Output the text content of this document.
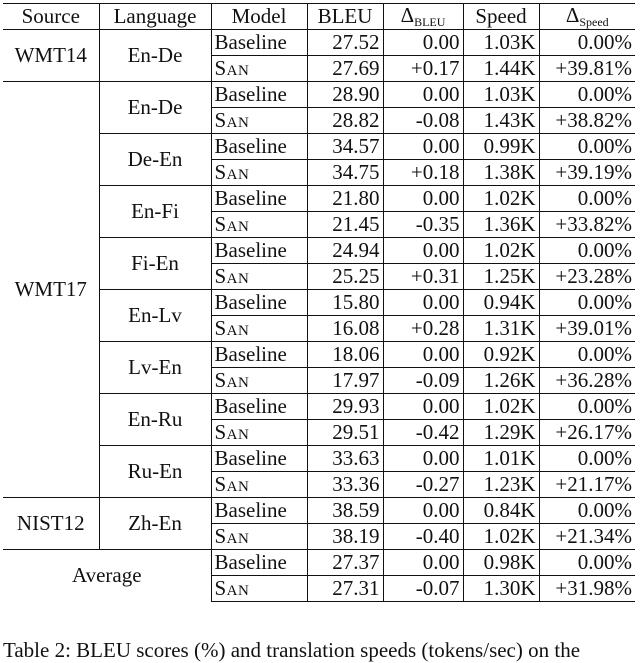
Source	Language	Model	BLEU	$\Delta_{BLEU}$	Speed	$\Delta_{Speed}$
WMT14	En-De	Baseline	27.52	0.00	1.03K	0.00%
		San	27.69	+0.17	1.44K	+39.81%
WMT17	En-De	Baseline	28.90	0.00	1.03K	0.00%
		San	28.82	-0.08	1.43K	+38.82%
	De-En	Baseline	34.57	0.00	0.99K	0.00%
		San	34.75	+0.18	1.38K	+39.19%
	En-Fi	Baseline	21.80	0.00	1.02K	0.00%
		San	21.45	-0.35	1.36K	+33.82%
	Fi-En	Baseline	24.94	0.00	1.02K	0.00%
		San	25.25	+0.31	1.25K	+23.28%
	En-Lv	Baseline	15.80	0.00	0.94K	0.00%
		San	16.08	+0.28	1.31K	+39.01%
	Lv-En	Baseline	18.06	0.00	0.92K	0.00%
		San	17.97	-0.09	1.26K	+36.28%
	En-Ru	Baseline	29.93	0.00	1.02K	0.00%
		San	29.51	-0.42	1.29K	+26.17%
	Ru-En	Baseline	33.63	0.00	1.01K	0.00%
		San	33.36	-0.27	1.23K	+21.17%
NIST12	Zh-En	Baseline	38.59	0.00	0.84K	0.00%
		San	38.19	-0.40	1.02K	+21.34%
Average		Baseline	27.37	0.00	0.98K	0.00%
		San	27.31	-0.07	1.30K	+31.98%
Table 2: BLEU scores (%) and translation speeds (tokens/sec) on the
